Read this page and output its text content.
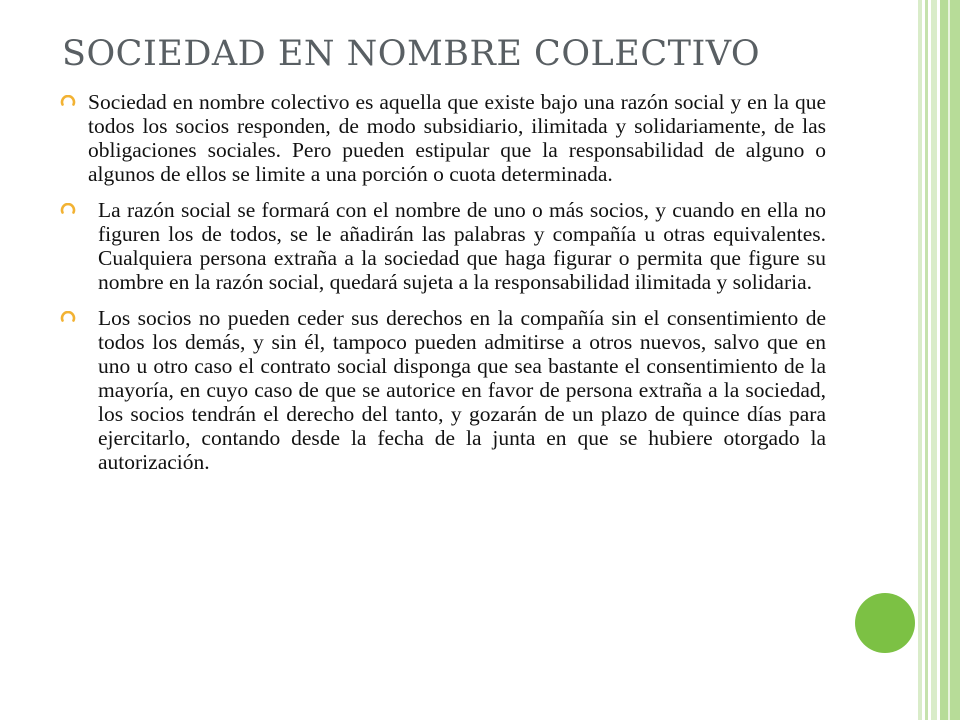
SOCIEDAD EN NOMBRE COLECTIVO
Sociedad en nombre colectivo es aquella que existe bajo una razón social y en la que todos los socios responden, de modo subsidiario, ilimitada y solidariamente, de las obligaciones sociales. Pero pueden estipular que la responsabilidad de alguno o algunos de ellos se limite a una porción o cuota determinada.
La razón social se formará con el nombre de uno o más socios, y cuando en ella no figuren los de todos, se le añadirán las palabras y compañía u otras equivalentes. Cualquiera persona extraña a la sociedad que haga figurar o permita que figure su nombre en la razón social, quedará sujeta a la responsabilidad ilimitada y solidaria.
Los socios no pueden ceder sus derechos en la compañía sin el consentimiento de todos los demás, y sin él, tampoco pueden admitirse a otros nuevos, salvo que en uno u otro caso el contrato social disponga que sea bastante el consentimiento de la mayoría, en cuyo caso de que se autorice en favor de persona extraña a la sociedad, los socios tendrán el derecho del tanto, y gozarán de un plazo de quince días para ejercitarlo, contando desde la fecha de la junta en que se hubiere otorgado la autorización.
